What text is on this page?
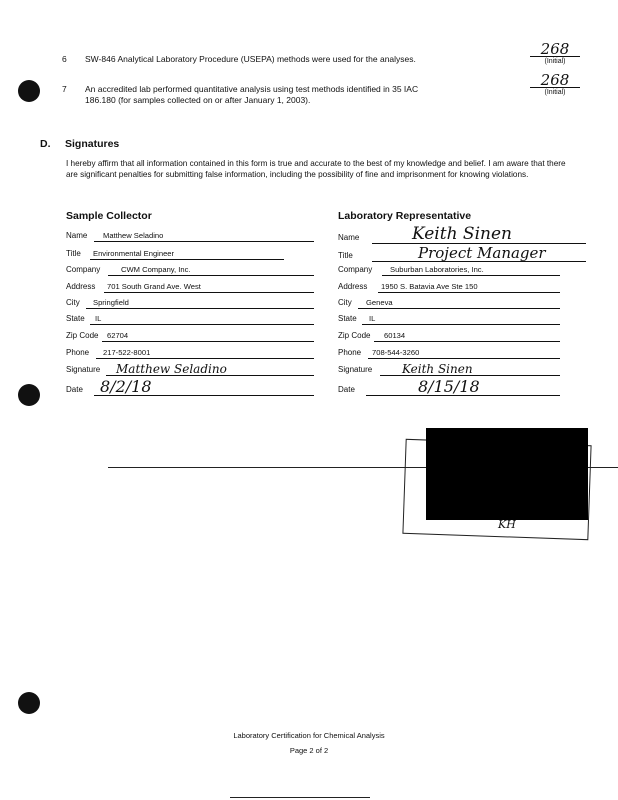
6 SW-846 Analytical Laboratory Procedure (USEPA) methods were used for the analyses.
268
(Initial)
7 An accredited lab performed quantitative analysis using test methods identified in 35 IAC
186.180 (for samples collected on or after January 1, 2003).
268
(Initial)
D. Signatures
I hereby affirm that all information contained in this form is true and accurate to the best of my knowledge and belief. I am aware that there are significant penalties for submitting false information, including the possibility of fine and imprisonment for knowing violations.
Sample Collector
Name Matthew Seladino
Title Environmental Engineer
Company	CWM Company, Inc.
Address 701 South Grand Ave. West
City Springfield
State IL
Zip Code 62704
Phone 217-522-8001
Signature Matthew Seladino
Date 8/2/18
Laboratory Representative
Name	Keith Sinen
Title	Project Manager
Company Suburban Laboratories, Inc.
Address 1950 S. Batavia Ave Ste 150
City Geneva
State IL
Zip Code 60134
Phone 708-544-3260
Signature Keith Sinen
Date	8/15/18
KH
Laboratory Certification for Chemical Analysis
Page 2 of 2
